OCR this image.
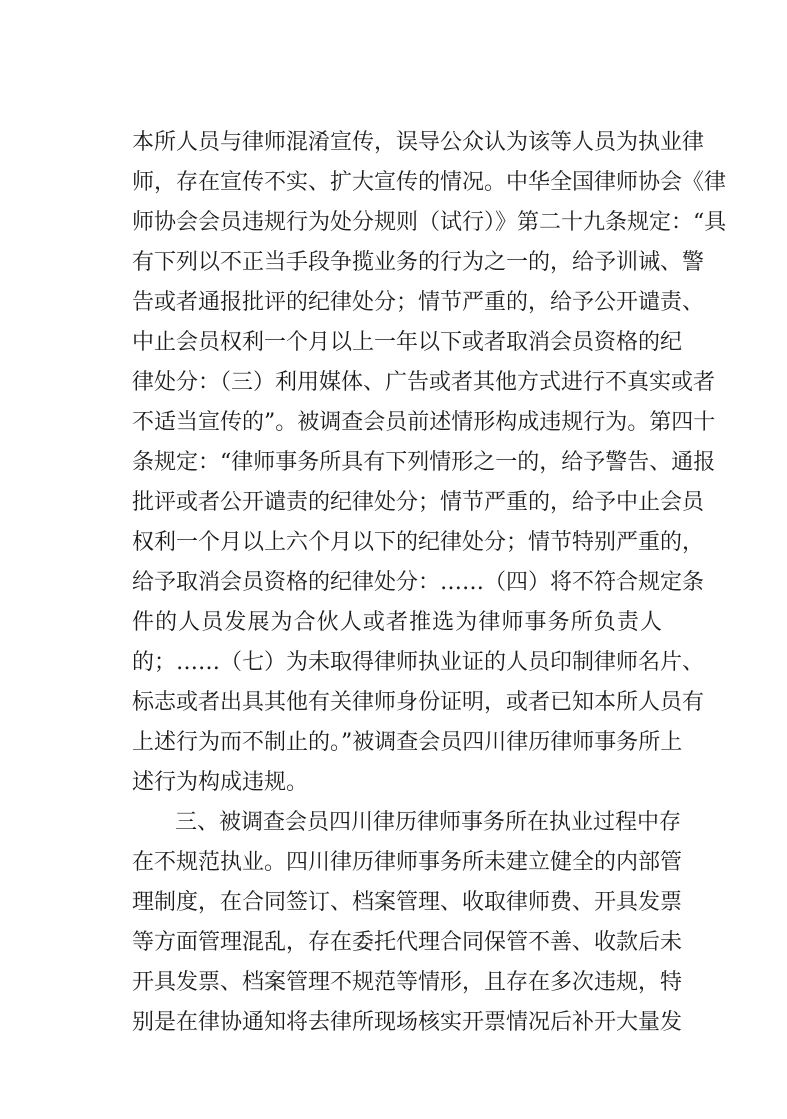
本所人员与律师混淆宣传，误导公众认为该等人员为执业律
师，存在宣传不实、扩大宣传的情况。中华全国律师协会《律
师协会会员违规行为处分规则（试行）》第二十九条规定：“具
有下列以不正当手段争揽业务的行为之一的，给予训诫、警
告或者通报批评的纪律处分；情节严重的，给予公开谴责、
中止会员权利一个月以上一年以下或者取消会员资格的纪
律处分：（三）利用媒体、广告或者其他方式进行不真实或者
不适当宣传的”。被调查会员前述情形构成违规行为。第四十
条规定：“律师事务所具有下列情形之一的，给予警告、通报
批评或者公开谴责的纪律处分；情节严重的，给予中止会员
权利一个月以上六个月以下的纪律处分；情节特别严重的，
给予取消会员资格的纪律处分：……（四）将不符合规定条
件的人员发展为合伙人或者推选为律师事务所负责人
的；……（七）为未取得律师执业证的人员印制律师名片、
标志或者出具其他有关律师身份证明，或者已知本所人员有
上述行为而不制止的。”被调查会员四川律历律师事务所上
述行为构成违规。
三、被调查会员四川律历律师事务所在执业过程中存
在不规范执业。四川律历律师事务所未建立健全的内部管
理制度，在合同签订、档案管理、收取律师费、开具发票
等方面管理混乱，存在委托代理合同保管不善、收款后未
开具发票、档案管理不规范等情形，且存在多次违规，特
别是在律协通知将去律所现场核实开票情况后补开大量发
